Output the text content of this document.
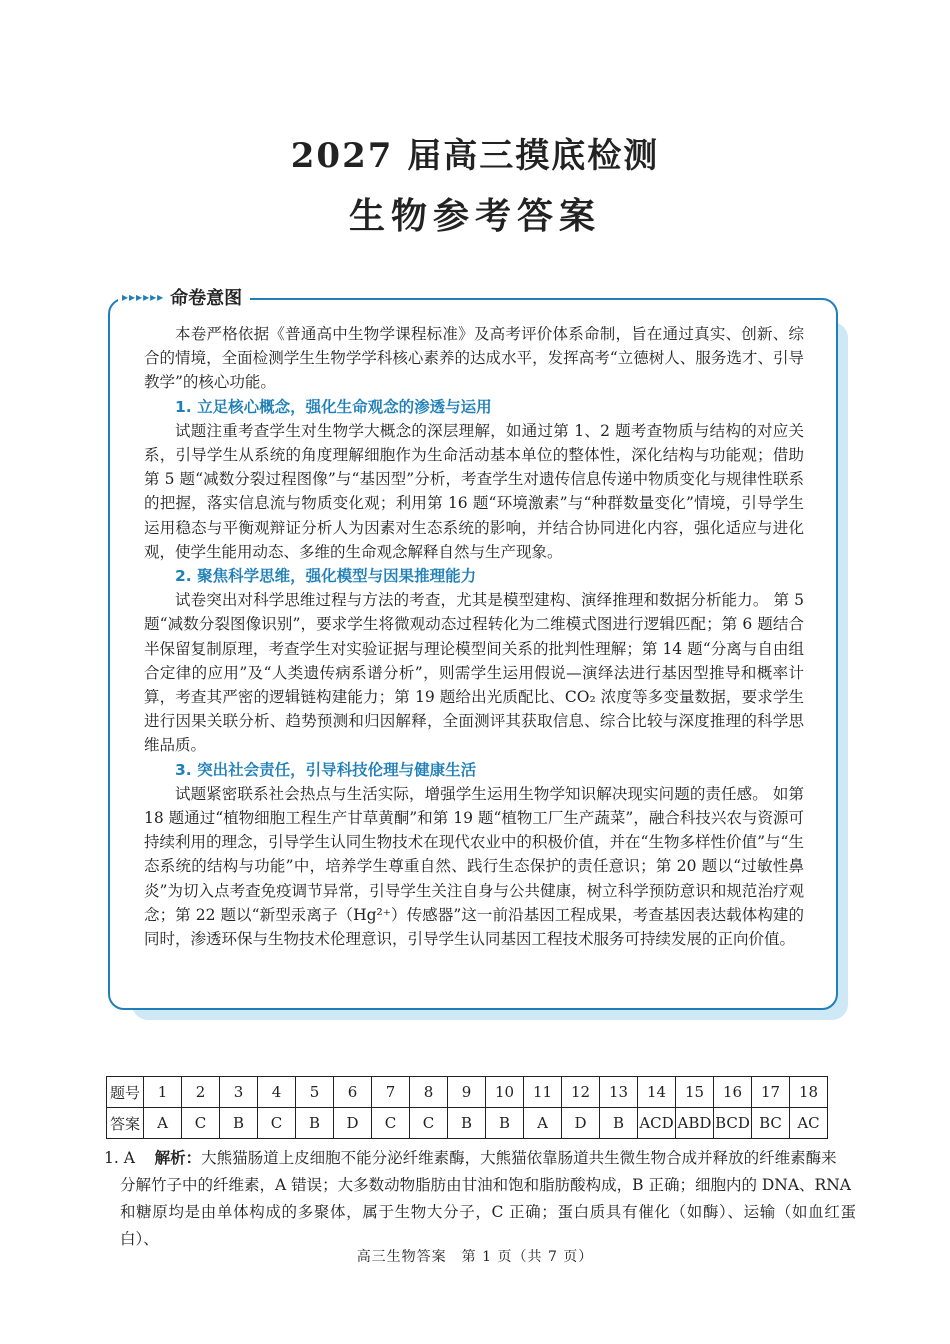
2027 届高三摸底检测
生物参考答案
▸▸▸▸▸▸ 命卷意图

本卷严格依据《普通高中生物学课程标准》及高考评价体系命制，旨在通过真实、创新、综合的情境，全面检测学生生物学学科核心素养的达成水平，发挥高考“立德树人、服务选才、引导教学”的核心功能。

1. 立足核心概念，强化生命观念的渗透与运用

试题注重考查学生对生物学大概念的深层理解，如通过第 1、2 题考查物质与结构的对应关系，引导学生从系统的角度理解细胞作为生命活动基本单位的整体性，深化结构与功能观；借助第 5 题“减数分裂过程图像”与“基因型”分析，考查学生对遗传信息传递中物质变化与规律性联系的把握，落实信息流与物质变化观；利用第 16 题“环境激素”与“种群数量变化”情境，引导学生运用稳态与平衡观辩证分析人为因素对生态系统的影响，并结合协同进化内容，强化适应与进化观，使学生能用动态、多维的生命观念解释自然与生产现象。

2. 聚焦科学思维，强化模型与因果推理能力

试卷突出对科学思维过程与方法的考查，尤其是模型建构、演绎推理和数据分析能力。 第 5 题“减数分裂图像识别”，要求学生将微观动态过程转化为二维模式图进行逻辑匹配；第 6 题结合半保留复制原理，考查学生对实验证据与理论模型间关系的批判性理解；第 14 题“分离与自由组合定律的应用”及“人类遗传病系谱分析”，则需学生运用假说—演绎法进行基因型推导和概率计算，考查其严密的逻辑链构建能力；第 19 题给出光质配比、CO₂ 浓度等多变量数据，要求学生进行因果关联分析、趋势预测和归因解释，全面测评其获取信息、综合比较与深度推理的科学思维品质。

3. 突出社会责任，引导科技伦理与健康生活

试题紧密联系社会热点与生活实际，增强学生运用生物学知识解决现实问题的责任感。 如第 18 题通过“植物细胞工程生产甘草黄酮”和第 19 题“植物工厂生产蔬菜”，融合科技兴农与资源可持续利用的理念，引导学生认同生物技术在现代农业中的积极价值，并在“生物多样性价值”与“生态系统的结构与功能”中，培养学生尊重自然、践行生态保护的责任意识；第 20 题以“过敏性鼻炎”为切入点考查免疫调节异常，引导学生关注自身与公共健康，树立科学预防意识和规范治疗观念；第 22 题以“新型汞离子（Hg²⁺）传感器”这一前沿基因工程成果，考查基因表达载体构建的同时，渗透环保与生物技术伦理意识，引导学生认同基因工程技术服务可持续发展的正向价值。

题号	1	2	3	4	5	6	7	8	9	10	11	12	13	14	15	16	17	18
答案	A	C	B	C	B	D	C	C	B	B	A	D	B	ACD	ABD	BCD	BC	AC
1. A 解析：大熊猫肠道上皮细胞不能分泌纤维素酶，大熊猫依靠肠道共生微生物合成并释放的纤维素酶来
分解竹子中的纤维素，A 错误；大多数动物脂肪由甘油和饱和脂肪酸构成，B 正确；细胞内的 DNA、RNA
和糖原均是由单体构成的多聚体，属于生物大分子，C 正确；蛋白质具有催化（如酶）、运输（如血红蛋白）、
高三生物答案　第 1 页（共 7 页）
